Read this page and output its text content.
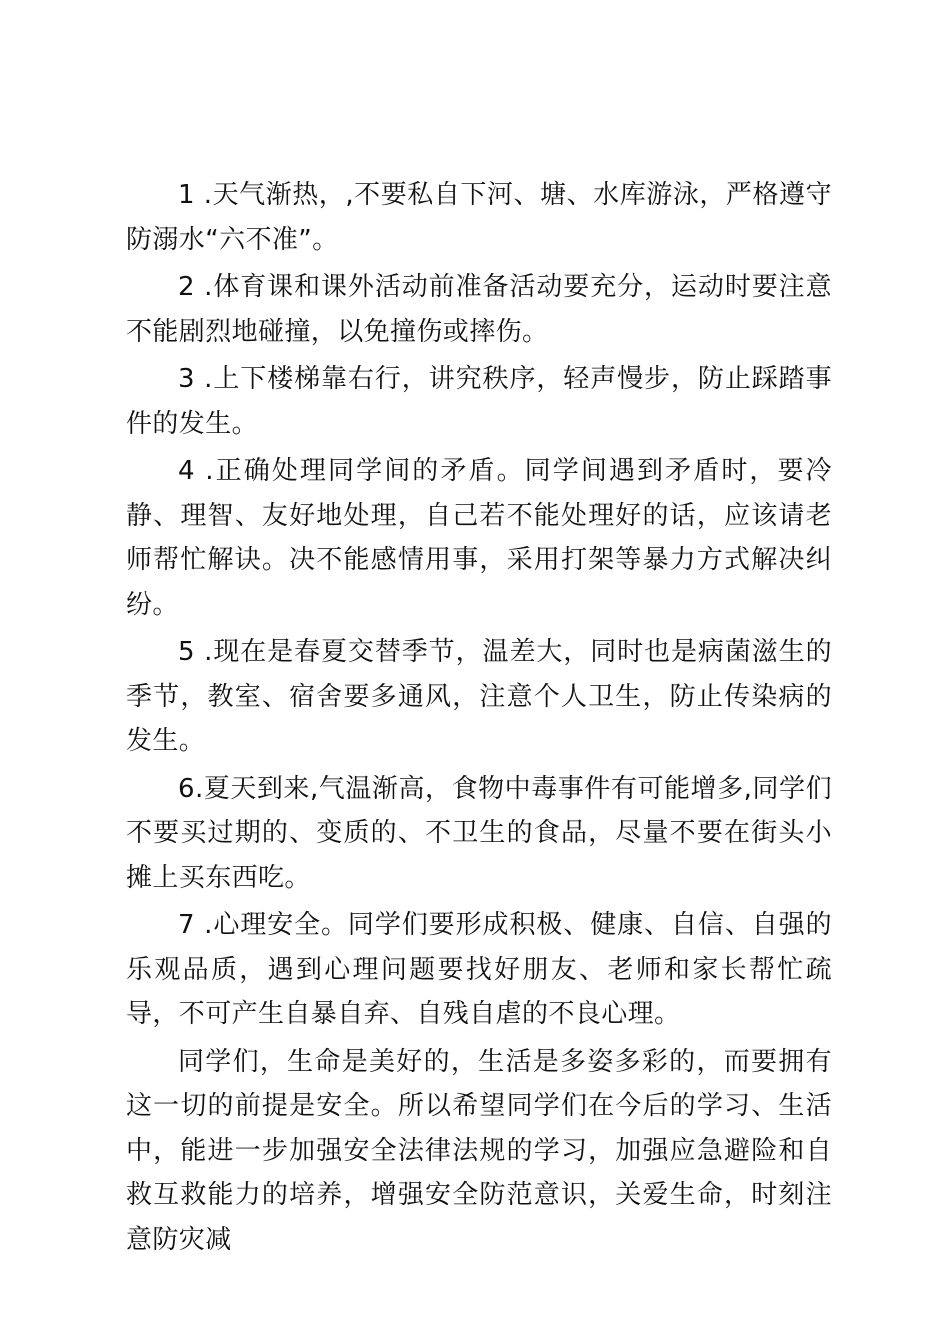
1 .天气渐热，,不要私自下河、塘、水库游泳，严格遵守防溺水“六不准”。

2 .体育课和课外活动前准备活动要充分，运动时要注意不能剧烈地碰撞，以免撞伤或摔伤。

3 .上下楼梯靠右行，讲究秩序，轻声慢步，防止踩踏事件的发生。

4 .正确处理同学间的矛盾。同学间遇到矛盾时，要冷静、理智、友好地处理，自己若不能处理好的话，应该请老师帮忙解诀。决不能感情用事，采用打架等暴力方式解决纠纷。

5 .现在是春夏交替季节，温差大，同时也是病菌滋生的季节，教室、宿舍要多通风，注意个人卫生，防止传染病的发生。

6.夏天到来,气温渐高，食物中毒事件有可能增多,同学们不要买过期的、变质的、不卫生的食品，尽量不要在街头小摊上买东西吃。

7 .心理安全。同学们要形成积极、健康、自信、自强的乐观品质，遇到心理问题要找好朋友、老师和家长帮忙疏导，不可产生自暴自弃、自残自虐的不良心理。

同学们，生命是美好的，生活是多姿多彩的，而要拥有这一切的前提是安全。所以希望同学们在今后的学习、生活中，能进一步加强安全法律法规的学习，加强应急避险和自救互救能力的培养，增强安全防范意识，关爱生命，时刻注意防灾减
